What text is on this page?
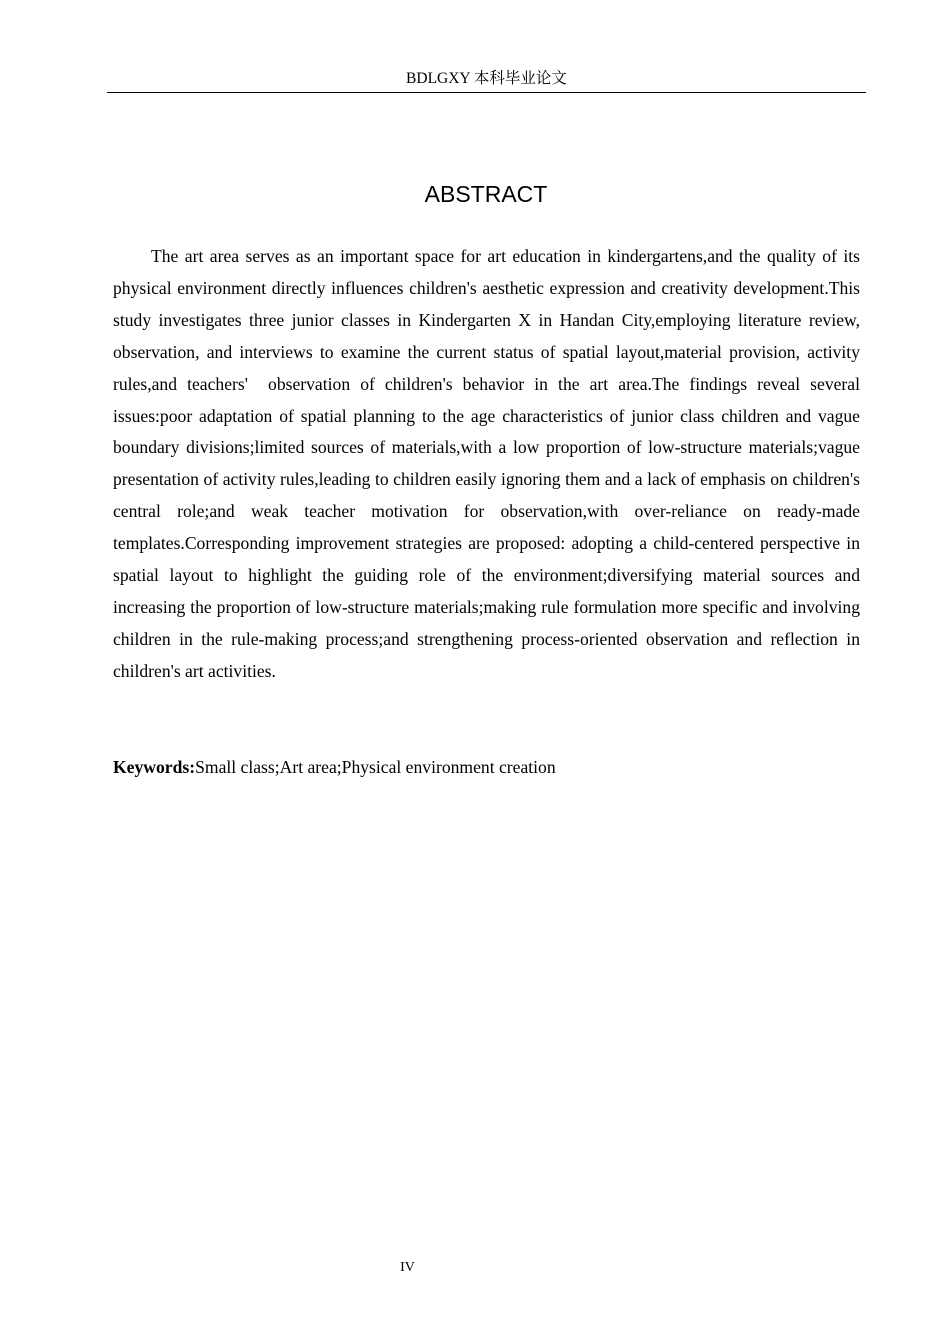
BDLGXY 本科毕业论文
ABSTRACT

The art area serves as an important space for art education in kindergartens,and the quality of its physical environment directly influences children's aesthetic expression and creativity development.This study investigates three junior classes in Kindergarten X in Handan City,employing literature review, observation, and interviews to examine the current status of spatial layout,material provision, activity rules,and teachers'  observation of children's behavior in the art area.The findings reveal several issues:poor adaptation of spatial planning to the age characteristics of junior class children and vague boundary divisions;limited sources of materials,with a low proportion of low-structure materials;vague presentation of activity rules,leading to children easily ignoring them and a lack of emphasis on children's central role;and weak teacher motivation for observation,with over-reliance on ready-made templates.Corresponding improvement strategies are proposed: adopting a child-centered perspective in spatial layout to highlight the guiding role of the environment;diversifying material sources and increasing the proportion of low-structure materials;making rule formulation more specific and involving children in the rule-making process;and strengthening process-oriented observation and reflection in children's art activities.

Keywords:Small class;Art area;Physical environment creation

IV
